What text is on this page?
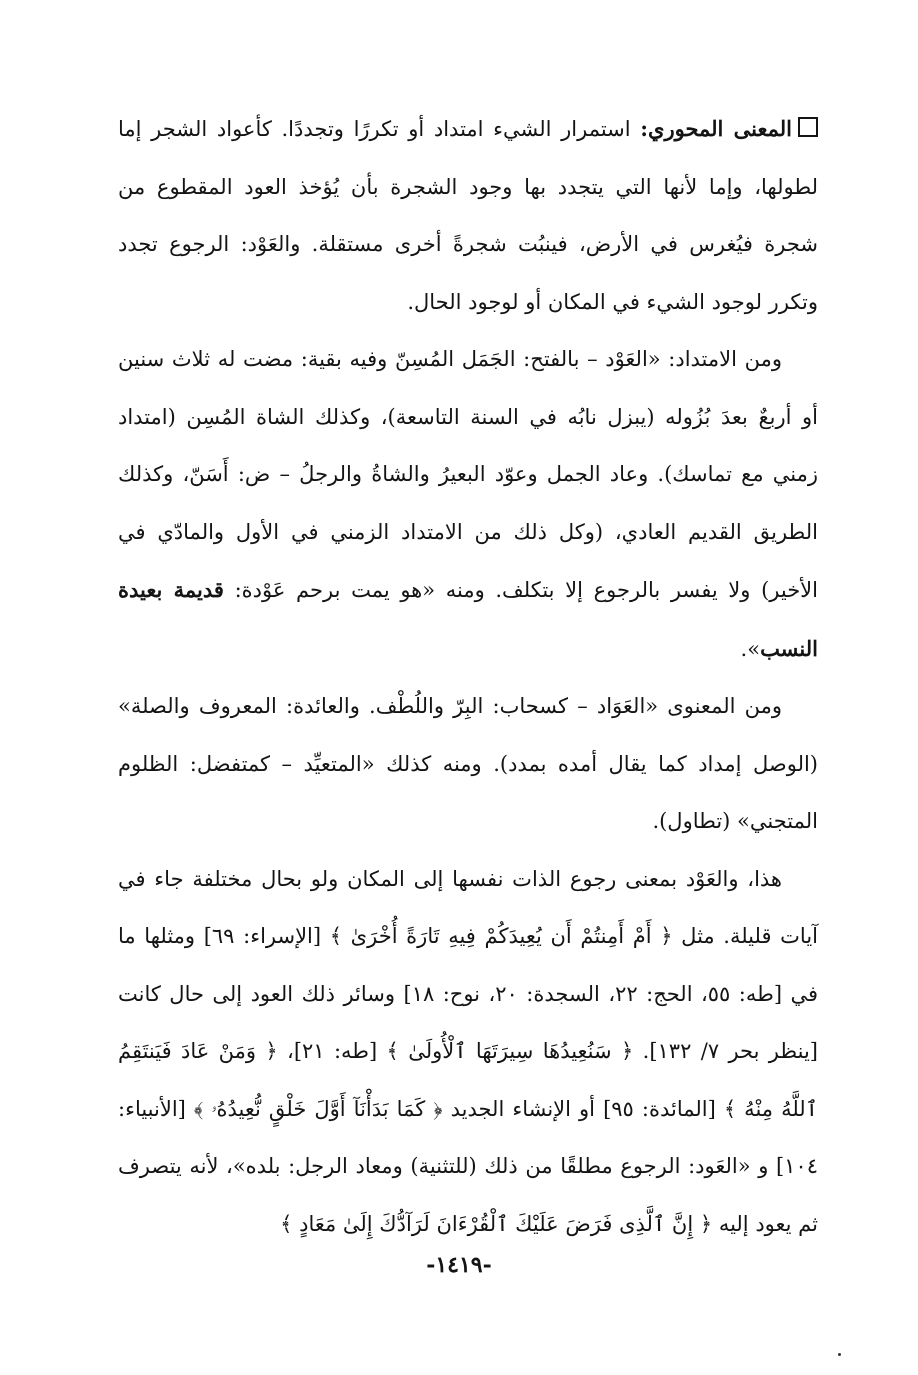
المعنى المحوري: استمرار الشيء امتداد أو تكررًا وتجددًا. كأعواد الشجر إما لطولها، وإما لأنها التي يتجدد بها وجود الشجرة بأن يُؤخذ العود المقطوع من شجرة فيُغرس في الأرض، فينبُت شجرةً أخرى مستقلة. والعَوْد: الرجوع تجدد وتكرر لوجود الشيء في المكان أو لوجود الحال.

ومن الامتداد: «العَوْد – بالفتح: الجَمَل المُسِنّ وفيه بقية: مضت له ثلاث سنين أو أربعٌ بعدَ بُزُوله (يبزل نابُه في السنة التاسعة)، وكذلك الشاة المُسِن (امتداد زمني مع تماسك). وعاد الجمل وعوّد البعيرُ والشاةُ والرجلُ – ض: أَسَنّ، وكذلك الطريق القديم العادي، (وكل ذلك من الامتداد الزمني في الأول والمادّي في الأخير) ولا يفسر بالرجوع إلا بتكلف. ومنه «هو يمت برحم عَوْدة: قديمة بعيدة النسب».

ومن المعنوى «العَوَاد – كسحاب: البِرّ واللُطْف. والعائدة: المعروف والصلة» (الوصل إمداد كما يقال أمده بمدد). ومنه كذلك «المتعيِّد – كمتفضل: الظلوم المتجني» (تطاول).

هذا، والعَوْد بمعنى رجوع الذات نفسها إلى المكان ولو بحال مختلفة جاء في آيات قليلة. مثل ﴿ أَمْ أَمِنتُمْ أَن يُعِيدَكُمْ فِيهِ تَارَةً أُخْرَىٰ ﴾ [الإسراء: ٦٩] ومثلها ما في [طه: ٥٥، الحج: ٢٢، السجدة: ٢٠، نوح: ١٨] وسائر ذلك العود إلى حال كانت [ينظر بحر ٧/ ١٣٢]. ﴿ سَنُعِيدُهَا سِيرَتَهَا ٱلْأُولَىٰ ﴾ [طه: ٢١]، ﴿ وَمَنْ عَادَ فَيَنتَقِمُ ٱللَّهُ مِنْهُ ﴾ [المائدة: ٩٥] أو الإنشاء الجديد ﴿ كَمَا بَدَأْنَآ أَوَّلَ خَلْقٍ نُّعِيدُهُۥ ﴾ [الأنبياء: ١٠٤] و «العَود: الرجوع مطلقًا من ذلك (للتثنية) ومعاد الرجل: بلده»، لأنه يتصرف ثم يعود إليه ﴿ إِنَّ ٱلَّذِى فَرَضَ عَلَيْكَ ٱلْقُرْءَانَ لَرَآدُّكَ إِلَىٰ مَعَادٍ ﴾

-١٤١٩-
